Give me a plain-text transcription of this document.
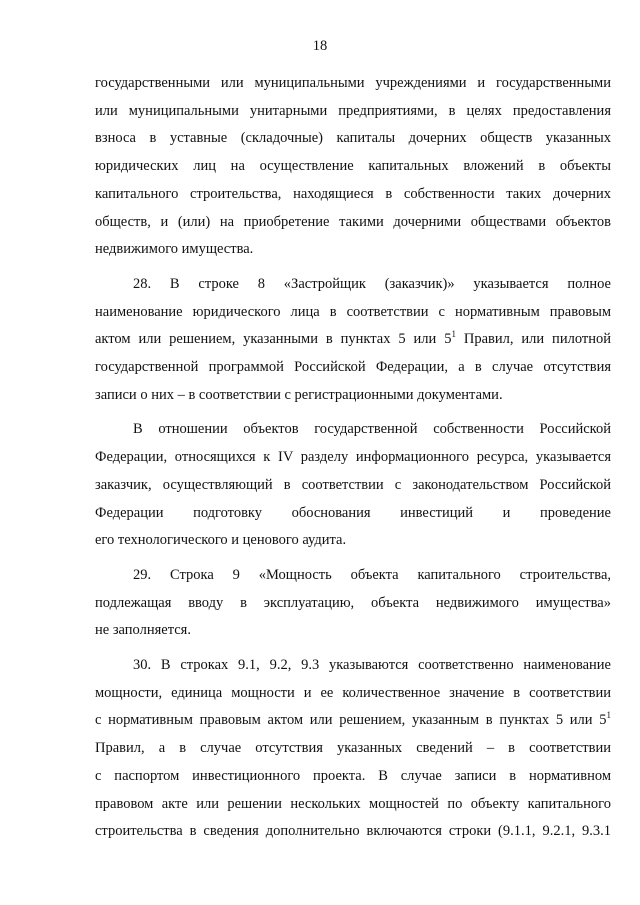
18
государственными или муниципальными учреждениями и государственными
или муниципальными унитарными предприятиями, в целях предоставления
взноса в уставные (складочные) капиталы дочерних обществ указанных
юридических лиц на осуществление капитальных вложений в объекты
капитального строительства, находящиеся в собственности таких дочерних
обществ, и (или) на приобретение такими дочерними обществами объектов
недвижимого имущества.
28. В строке 8 «Застройщик (заказчик)» указывается полное
наименование юридического лица в соответствии с нормативным правовым
актом или решением, указанными в пунктах 5 или $5^1$ Правил, или пилотной
государственной программой Российской Федерации, а в случае отсутствия
записи о них – в соответствии с регистрационными документами.
В отношении объектов государственной собственности Российской
Федерации, относящихся к IV разделу информационного ресурса, указывается
заказчик, осуществляющий в соответствии с законодательством Российской
Федерации подготовку обоснования инвестиций и проведение
его технологического и ценового аудита.
29. Строка 9 «Мощность объекта капитального строительства,
подлежащая вводу в эксплуатацию, объекта недвижимого имущества»
не заполняется.
30. В строках 9.1, 9.2, 9.3 указываются соответственно наименование
мощности, единица мощности и ее количественное значение в соответствии
с нормативным правовым актом или решением, указанным в пунктах 5 или $5^1$
Правил, а в случае отсутствия указанных сведений – в соответствии
с паспортом инвестиционного проекта. В случае записи в нормативном
правовом акте или решении нескольких мощностей по объекту капитального
строительства в сведения дополнительно включаются строки (9.1.1, 9.2.1, 9.3.1
